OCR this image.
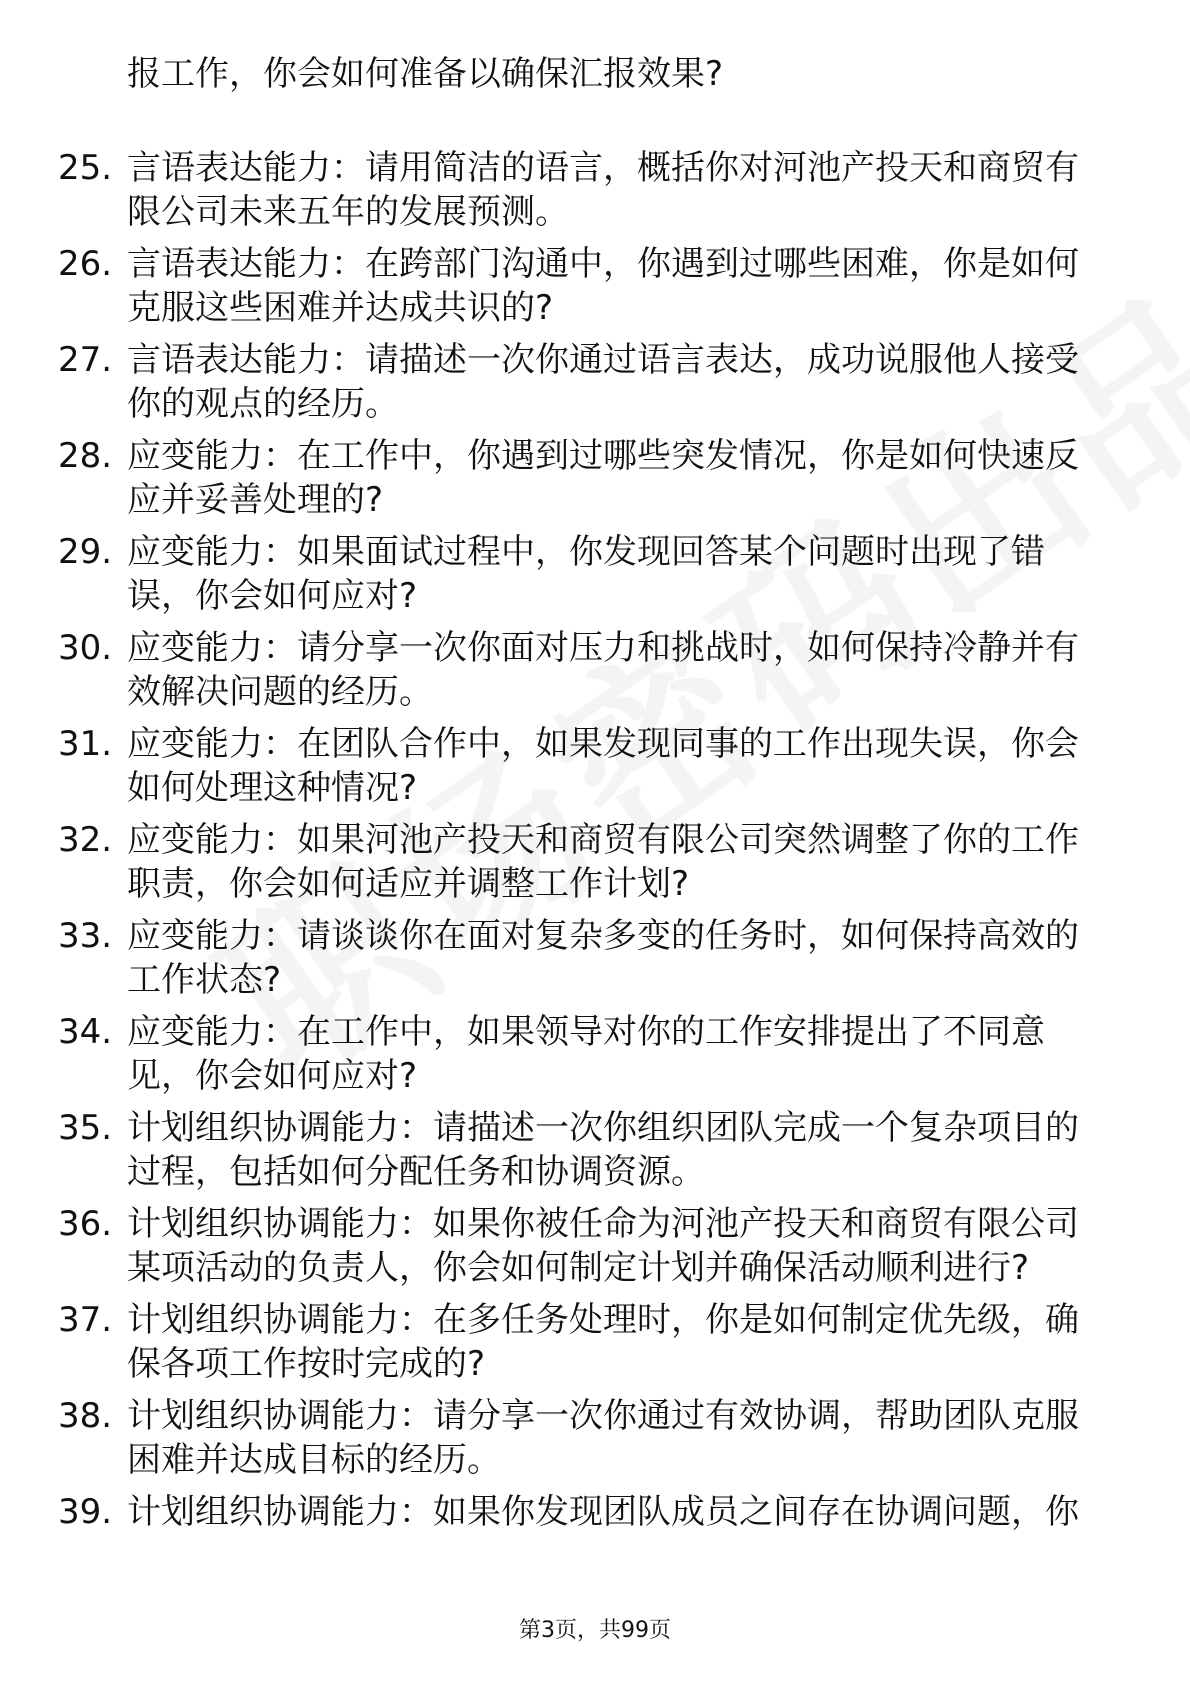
报工作，你会如何准备以确保汇报效果?
25. 言语表达能力：请用简洁的语言，概括你对河池产投天和商贸有
限公司未来五年的发展预测。
26. 言语表达能力：在跨部门沟通中，你遇到过哪些困难，你是如何
克服这些困难并达成共识的?
27. 言语表达能力：请描述一次你通过语言表达，成功说服他人接受
你的观点的经历。
28. 应变能力：在工作中，你遇到过哪些突发情况，你是如何快速反
应并妥善处理的?
29. 应变能力：如果面试过程中，你发现回答某个问题时出现了错
误，你会如何应对?
30. 应变能力：请分享一次你面对压力和挑战时，如何保持冷静并有
效解决问题的经历。
31. 应变能力：在团队合作中，如果发现同事的工作出现失误，你会
如何处理这种情况?
32. 应变能力：如果河池产投天和商贸有限公司突然调整了你的工作
职责，你会如何适应并调整工作计划?
33. 应变能力：请谈谈你在面对复杂多变的任务时，如何保持高效的
工作状态?
34. 应变能力：在工作中，如果领导对你的工作安排提出了不同意
见，你会如何应对?
35. 计划组织协调能力：请描述一次你组织团队完成一个复杂项目的
过程，包括如何分配任务和协调资源。
36. 计划组织协调能力：如果你被任命为河池产投天和商贸有限公司
某项活动的负责人，你会如何制定计划并确保活动顺利进行?
37. 计划组织协调能力：在多任务处理时，你是如何制定优先级，确
保各项工作按时完成的?
38. 计划组织协调能力：请分享一次你通过有效协调，帮助团队克服
困难并达成目标的经历。
39. 计划组织协调能力：如果你发现团队成员之间存在协调问题，你
第3页，共99页
